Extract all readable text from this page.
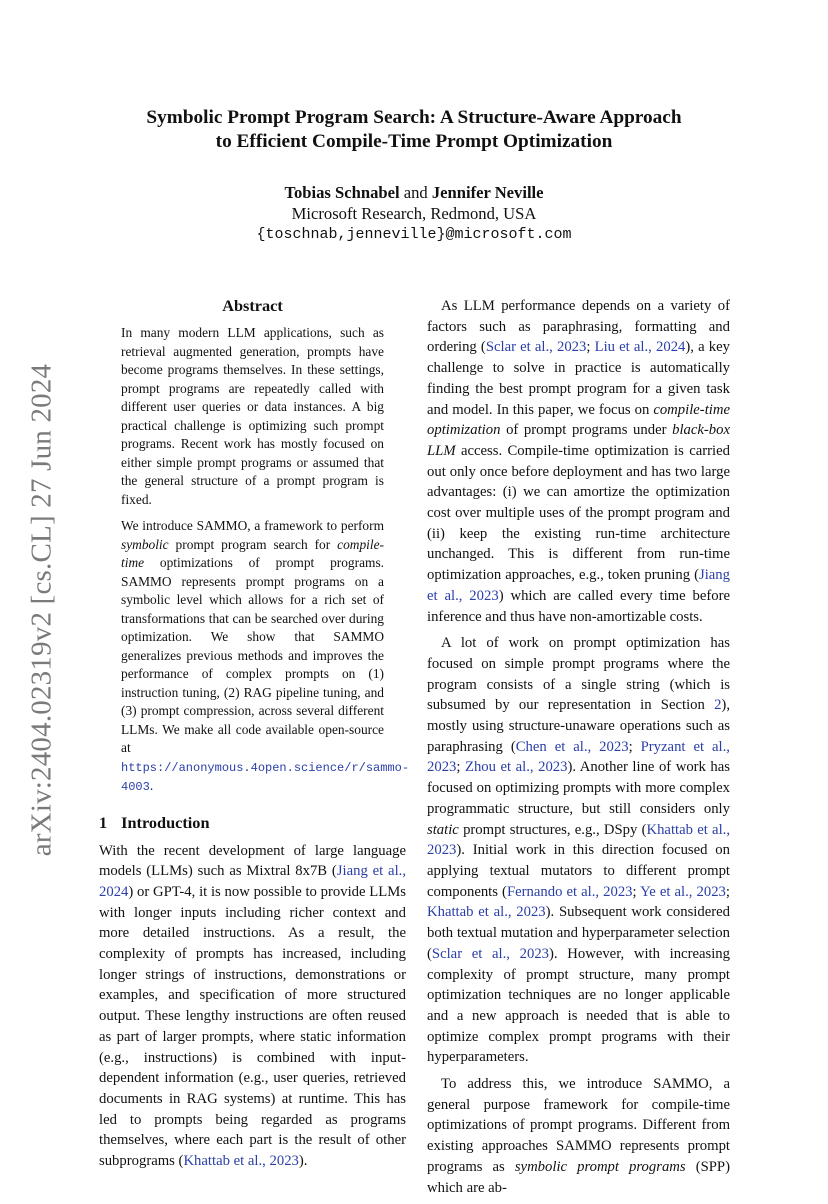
arXiv:2404.02319v2 [cs.CL] 27 Jun 2024
Symbolic Prompt Program Search: A Structure-Aware Approach
to Efficient Compile-Time Prompt Optimization
Tobias Schnabel and Jennifer Neville
Microsoft Research, Redmond, USA
{toschnab,jenneville}@microsoft.com
Abstract

In many modern LLM applications, such as retrieval augmented generation, prompts have become programs themselves. In these settings, prompt programs are repeatedly called with different user queries or data instances. A big practical challenge is optimizing such prompt programs. Recent work has mostly focused on either simple prompt programs or assumed that the general structure of a prompt program is fixed.

We introduce SAMMO, a framework to perform symbolic prompt program search for compile-time optimizations of prompt programs. SAMMO represents prompt programs on a symbolic level which allows for a rich set of transformations that can be searched over during optimization. We show that SAMMO generalizes previous methods and improves the performance of complex prompts on (1) instruction tuning, (2) RAG pipeline tuning, and (3) prompt compression, across several different LLMs. We make all code available open-source at https://anonymous.4open.science/r/sammo-4003.

1 Introduction

With the recent development of large language models (LLMs) such as Mixtral 8x7B (Jiang et al., 2024) or GPT-4, it is now possible to provide LLMs with longer inputs including richer context and more detailed instructions. As a result, the complexity of prompts has increased, including longer strings of instructions, demonstrations or examples, and specification of more structured output. These lengthy instructions are often reused as part of larger prompts, where static information (e.g., instructions) is combined with input-dependent information (e.g., user queries, retrieved documents in RAG systems) at runtime. This has led to prompts being regarded as programs themselves, where each part is the result of other subprograms (Khattab et al., 2023).

As LLM performance depends on a variety of factors such as paraphrasing, formatting and ordering (Sclar et al., 2023; Liu et al., 2024), a key challenge to solve in practice is automatically finding the best prompt program for a given task and model. In this paper, we focus on compile-time optimization of prompt programs under black-box LLM access. Compile-time optimization is carried out only once before deployment and has two large advantages: (i) we can amortize the optimization cost over multiple uses of the prompt program and (ii) keep the existing run-time architecture unchanged. This is different from run-time optimization approaches, e.g., token pruning (Jiang et al., 2023) which are called every time before inference and thus have non-amortizable costs.

A lot of work on prompt optimization has focused on simple prompt programs where the program consists of a single string (which is subsumed by our representation in Section 2), mostly using structure-unaware operations such as paraphrasing (Chen et al., 2023; Pryzant et al., 2023; Zhou et al., 2023). Another line of work has focused on optimizing prompts with more complex programmatic structure, but still considers only static prompt structures, e.g., DSpy (Khattab et al., 2023). Initial work in this direction focused on applying textual mutators to different prompt components (Fernando et al., 2023; Ye et al., 2023; Khattab et al., 2023). Subsequent work considered both textual mutation and hyperparameter selection (Sclar et al., 2023). However, with increasing complexity of prompt structure, many prompt optimization techniques are no longer applicable and a new approach is needed that is able to optimize complex prompt programs with their hyperparameters.

To address this, we introduce SAMMO, a general purpose framework for compile-time optimizations of prompt programs. Different from existing approaches SAMMO represents prompt programs as symbolic prompt programs (SPP) which are ab-
